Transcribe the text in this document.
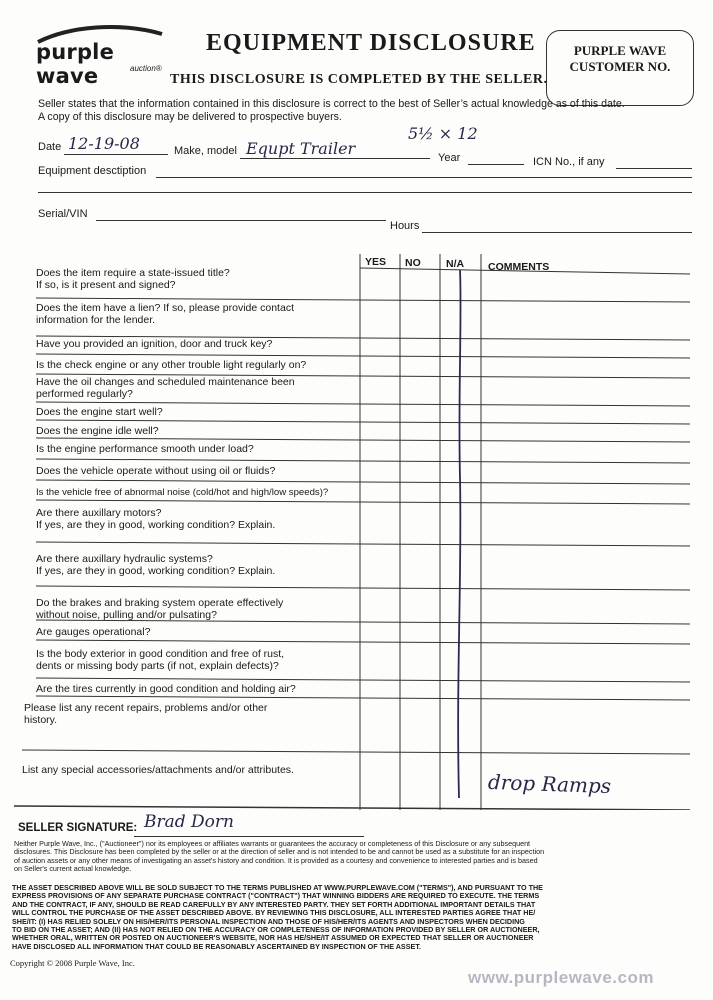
purple wave	auction®
EQUIPMENT DISCLOSURE
THIS DISCLOSURE IS COMPLETED BY THE SELLER.
PURPLE WAVE
CUSTOMER NO.
Seller states that the information contained in this disclosure is correct to the best of Seller’s actual knowledge as of this date.
A copy of this disclosure may be delivered to prospective buyers.
Date 12-19-08	Make, model Equpt Trailer
5½ × 12
Year	ICN No., if any
Equipment desctiption
Serial/VIN
Hours
YES NO N/A COMMENTS
Does the item require a state-issued title?
If so, is it present and signed?
Does the item have a lien? If so, please provide contact
information for the lender.
Have you provided an ignition, door and truck key?
Is the check engine or any other trouble light regularly on?
Have the oil changes and scheduled maintenance been
performed regularly?
Does the engine start well?
Does the engine idle well?
Is the engine performance smooth under load?
Does the vehicle operate without using oil or fluids?
Is the vehicle free of abnormal noise (cold/hot and high/low speeds)?
Are there auxillary motors?
If yes, are they in good, working condition? Explain.
Are there auxillary hydraulic systems?
If yes, are they in good, working condition? Explain.
Do the brakes and braking system operate effectively
without noise, pulling and/or pulsating?
Are gauges operational?
Is the body exterior in good condition and free of rust,
dents or missing body parts (if not, explain defects)?
Are the tires currently in good condition and holding air?
Please list any recent repairs, problems and/or other
history.
List any special accessories/attachments and/or attributes.	drop Ramps
SELLER SIGNATURE: Brad Dorn
Neither Purple Wave, Inc., ("Auctioneer") nor its employees or affiliates warrants or guarantees the accuracy or completeness of this Disclosure or any subsequent
disclosures. This Disclosure has been completed by the seller or at the direction of seller and is not intended to be and cannot be used as a substitute for an inspection
of auction assets or any other means of investigating an asset's history and condition. It is provided as a courtesy and convenience to interested parties and is based
on Seller's current actual knowledge.
THE ASSET DESCRIBED ABOVE WILL BE SOLD SUBJECT TO THE TERMS PUBLISHED AT WWW.PURPLEWAVE.COM ("TERMS"), AND PURSUANT TO THE
EXPRESS PROVISIONS OF ANY SEPARATE PURCHASE CONTRACT ("CONTRACT") THAT WINNING BIDDERS ARE REQUIRED TO EXECUTE. THE TERMS
AND THE CONTRACT, IF ANY, SHOULD BE READ CAREFULLY BY ANY INTERESTED PARTY. THEY SET FORTH ADDITIONAL IMPORTANT DETAILS THAT
WILL CONTROL THE PURCHASE OF THE ASSET DESCRIBED ABOVE. BY REVIEWING THIS DISCLOSURE, ALL INTERESTED PARTIES AGREE THAT HE/
SHE/IT: (I) HAS RELIED SOLELY ON HIS/HER/ITS PERSONAL INSPECTION AND THOSE OF HIS/HER/ITS AGENTS AND INSPECTORS WHEN DECIDING
TO BID ON THE ASSET; AND (II) HAS NOT RELIED ON THE ACCURACY OR COMPLETENESS OF INFORMATION PROVIDED BY SELLER OR AUCTIONEER,
WHETHER ORAL, WRITTEN OR POSTED ON AUCTIONEER'S WEBSITE, NOR HAS HE/SHE/IT ASSUMED OR EXPECTED THAT SELLER OR AUCTIONEER
HAVE DISCLOSED ALL INFORMATION THAT COULD BE REASONABLY ASCERTAINED BY INSPECTION OF THE ASSET.
Copyright © 2008 Purple Wave, Inc.
www.purplewave.com
